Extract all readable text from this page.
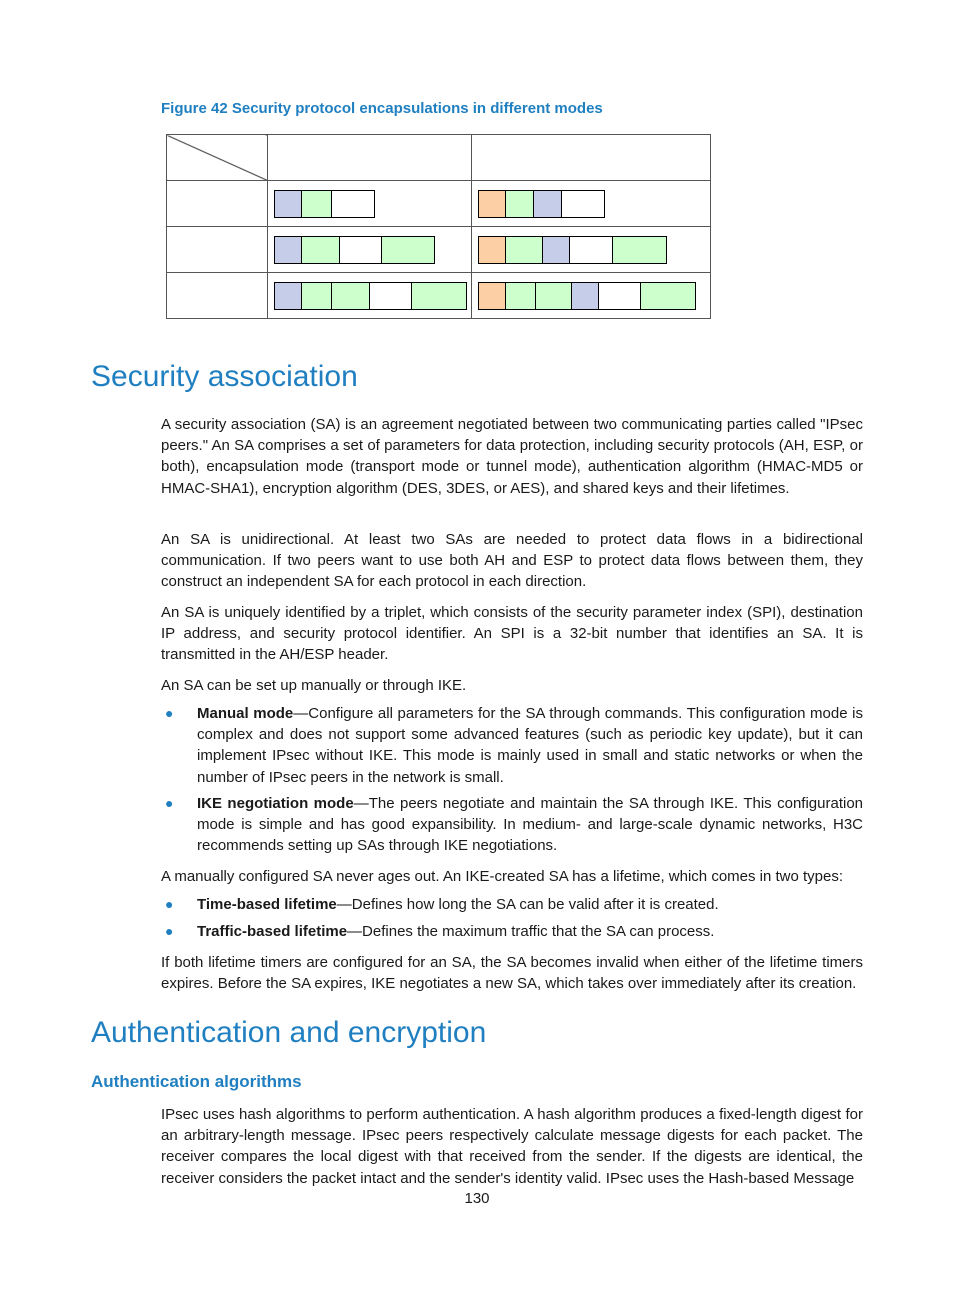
Figure 42 Security protocol encapsulations in different modes

Security association

A security association (SA) is an agreement negotiated between two communicating parties called "IPsec peers." An SA comprises a set of parameters for data protection, including security protocols (AH, ESP, or both), encapsulation mode (transport mode or tunnel mode), authentication algorithm (HMAC-MD5 or HMAC-SHA1), encryption algorithm (DES, 3DES, or AES), and shared keys and their lifetimes.

An SA is unidirectional. At least two SAs are needed to protect data flows in a bidirectional communication. If two peers want to use both AH and ESP to protect data flows between them, they construct an independent SA for each protocol in each direction.

An SA is uniquely identified by a triplet, which consists of the security parameter index (SPI), destination IP address, and security protocol identifier. An SPI is a 32-bit number that identifies an SA. It is transmitted in the AH/ESP header.

An SA can be set up manually or through IKE.

● Manual mode—Configure all parameters for the SA through commands. This configuration mode is complex and does not support some advanced features (such as periodic key update), but it can implement IPsec without IKE. This mode is mainly used in small and static networks or when the number of IPsec peers in the network is small.

● IKE negotiation mode—The peers negotiate and maintain the SA through IKE. This configuration mode is simple and has good expansibility. In medium- and large-scale dynamic networks, H3C recommends setting up SAs through IKE negotiations.

A manually configured SA never ages out. An IKE-created SA has a lifetime, which comes in two types:

● Time-based lifetime—Defines how long the SA can be valid after it is created.

● Traffic-based lifetime—Defines the maximum traffic that the SA can process.

If both lifetime timers are configured for an SA, the SA becomes invalid when either of the lifetime timers expires. Before the SA expires, IKE negotiates a new SA, which takes over immediately after its creation.

Authentication and encryption
Authentication algorithms

IPsec uses hash algorithms to perform authentication. A hash algorithm produces a fixed-length digest for an arbitrary-length message. IPsec peers respectively calculate message digests for each packet. The receiver compares the local digest with that received from the sender. If the digests are identical, the receiver considers the packet intact and the sender's identity valid. IPsec uses the Hash-based Message

130
